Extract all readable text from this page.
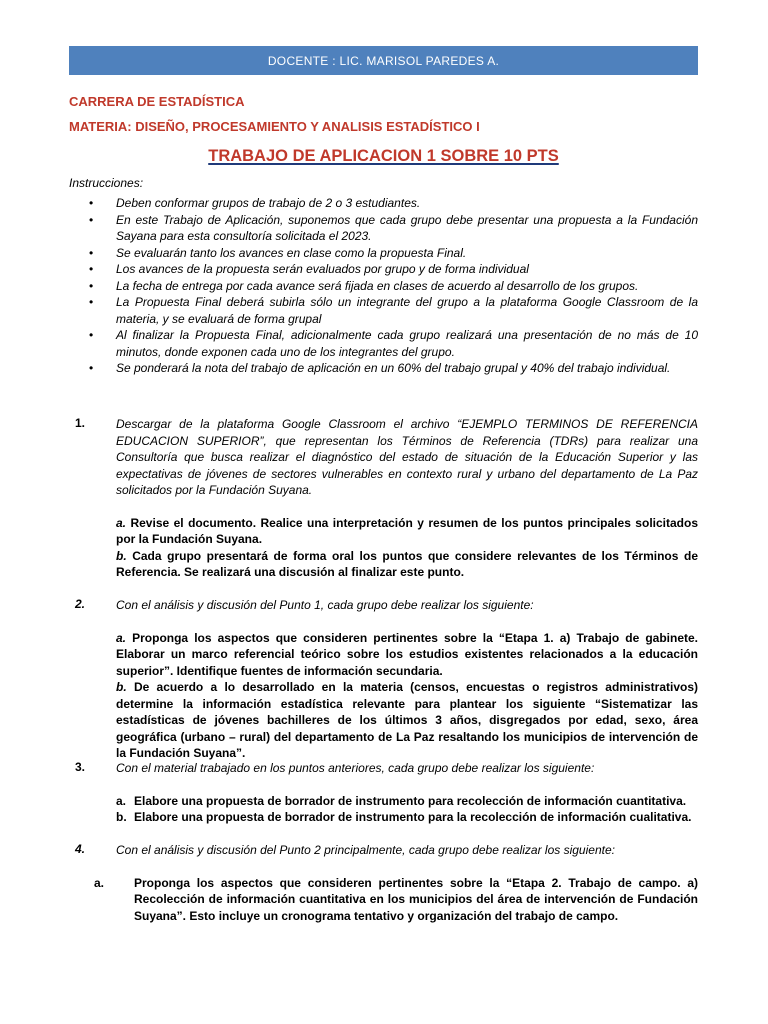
DOCENTE : LIC. MARISOL PAREDES A.
CARRERA DE ESTADÍSTICA
MATERIA: DISEÑO, PROCESAMIENTO Y ANALISIS ESTADÍSTICO I
TRABAJO DE APLICACION 1 SOBRE 10 PTS
Instrucciones:
• Deben conformar grupos de trabajo de 2 o 3 estudiantes.
• En este Trabajo de Aplicación, suponemos que cada grupo debe presentar una propuesta a la Fundación Sayana para esta consultoría solicitada el 2023.
• Se evaluarán tanto los avances en clase como la propuesta Final.
• Los avances de la propuesta serán evaluados por grupo y de forma individual
• La fecha de entrega por cada avance será fijada en clases de acuerdo al desarrollo de los grupos.
• La Propuesta Final deberá subirla sólo un integrante del grupo a la plataforma Google Classroom de la materia, y se evaluará de forma grupal
• Al finalizar la Propuesta Final, adicionalmente cada grupo realizará una presentación de no más de 10 minutos, donde exponen cada uno de los integrantes del grupo.
• Se ponderará la nota del trabajo de aplicación en un 60% del trabajo grupal y 40% del trabajo individual.
1.	Descargar de la plataforma Google Classroom el archivo “EJEMPLO TERMINOS DE REFERENCIA EDUCACION SUPERIOR”, que representan los Términos de Referencia (TDRs) para realizar una Consultoría que busca realizar el diagnóstico del estado de situación de la Educación Superior y las expectativas de jóvenes de sectores vulnerables en contexto rural y urbano del departamento de La Paz solicitados por la Fundación Suyana.
a. Revise el documento. Realice una interpretación y resumen de los puntos principales solicitados por la Fundación Suyana.
b. Cada grupo presentará de forma oral los puntos que considere relevantes de los Términos de Referencia. Se realizará una discusión al finalizar este punto.
2.	Con el análisis y discusión del Punto 1, cada grupo debe realizar los siguiente:
a. Proponga los aspectos que consideren pertinentes sobre la “Etapa 1. a) Trabajo de gabinete. Elaborar un marco referencial teórico sobre los estudios existentes relacionados a la educación superior”. Identifique fuentes de información secundaria.
b. De acuerdo a lo desarrollado en la materia (censos, encuestas o registros administrativos) determine la información estadística relevante para plantear los siguiente “Sistematizar las estadísticas de jóvenes bachilleres de los últimos 3 años, disgregados por edad, sexo, área geográfica (urbano – rural) del departamento de La Paz resaltando los municipios de intervención de la Fundación Suyana”.
3.	Con el material trabajado en los puntos anteriores, cada grupo debe realizar los siguiente:
a. Elabore una propuesta de borrador de instrumento para recolección de información cuantitativa.
b. Elabore una propuesta de borrador de instrumento para la recolección de información cualitativa.
4.	Con el análisis y discusión del Punto 2 principalmente, cada grupo debe realizar los siguiente:
a. Proponga los aspectos que consideren pertinentes sobre la “Etapa 2. Trabajo de campo. a) Recolección de información cuantitativa en los municipios del área de intervención de Fundación Suyana”. Esto incluye un cronograma tentativo y organización del trabajo de campo.
